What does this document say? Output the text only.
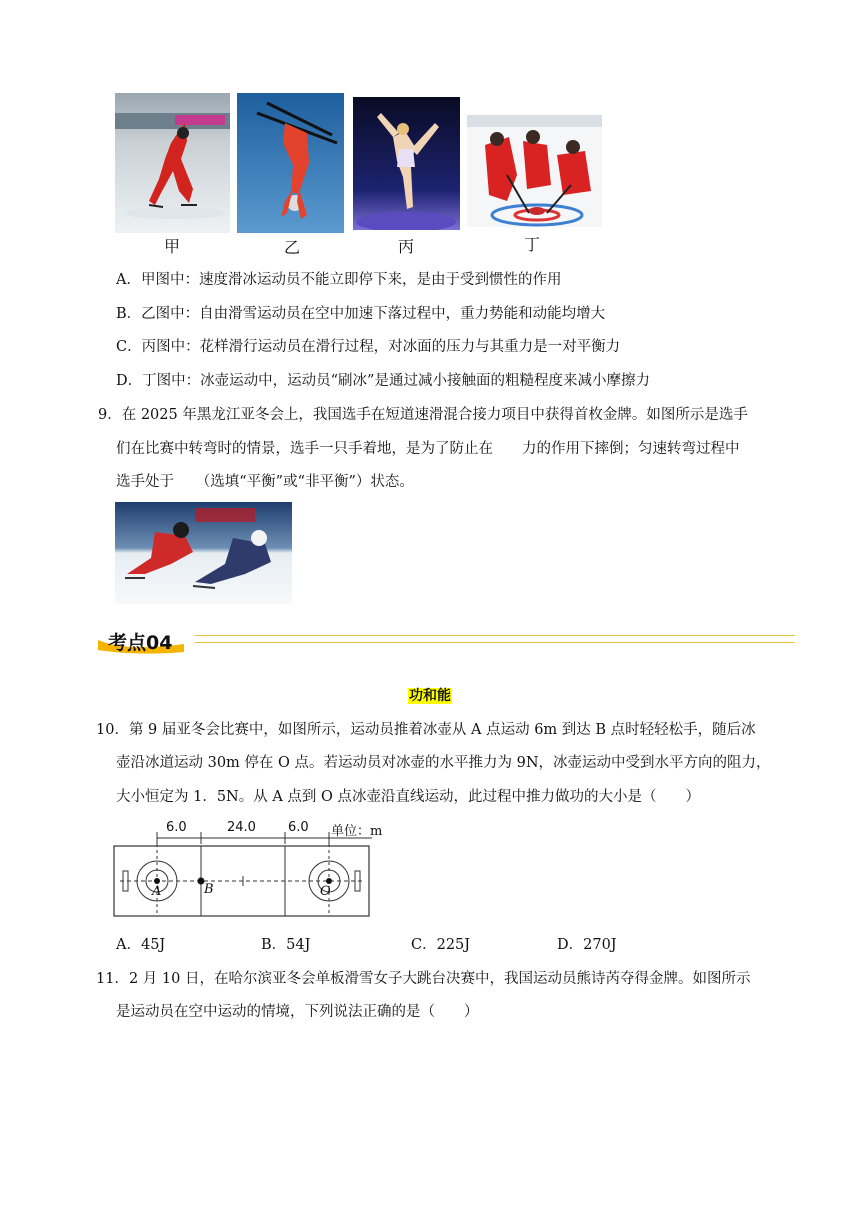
甲	乙	丙	丁
A．甲图中：速度滑冰运动员不能立即停下来，是由于受到惯性的作用
B．乙图中：自由滑雪运动员在空中加速下落过程中，重力势能和动能均增大
C．丙图中：花样滑行运动员在滑行过程，对冰面的压力与其重力是一对平衡力
D．丁图中：冰壶运动中，运动员“刷冰”是通过减小接触面的粗糙程度来减小摩擦力
9．在 2025 年黑龙江亚冬会上，我国选手在短道速滑混合接力项目中获得首枚金牌。如图所示是选手
们在比赛中转弯时的情景，选手一只手着地，是为了防止在　　力的作用下摔倒；匀速转弯过程中
选手处于　　（选填“平衡”或“非平衡”）状态。
考点04
功和能
10．第 9 届亚冬会比赛中，如图所示，运动员推着冰壶从 A 点运动 6m 到达 B 点时轻轻松手，随后冰
壶沿冰道运动 30m 停在 O 点。若运动员对冰壶的水平推力为 9N，冰壶运动中受到水平方向的阻力，
大小恒定为 1．5N。从 A 点到 O 点冰壶沿直线运动，此过程中推力做功的大小是（　　）
6.0	24.0 6.0 单位：m
A	B	O
A．45J	B．54J	C．225J	D．270J
11．2 月 10 日，在哈尔滨亚冬会单板滑雪女子大跳台决赛中，我国运动员熊诗芮夺得金牌。如图所示
是运动员在空中运动的情境，下列说法正确的是（　　）
